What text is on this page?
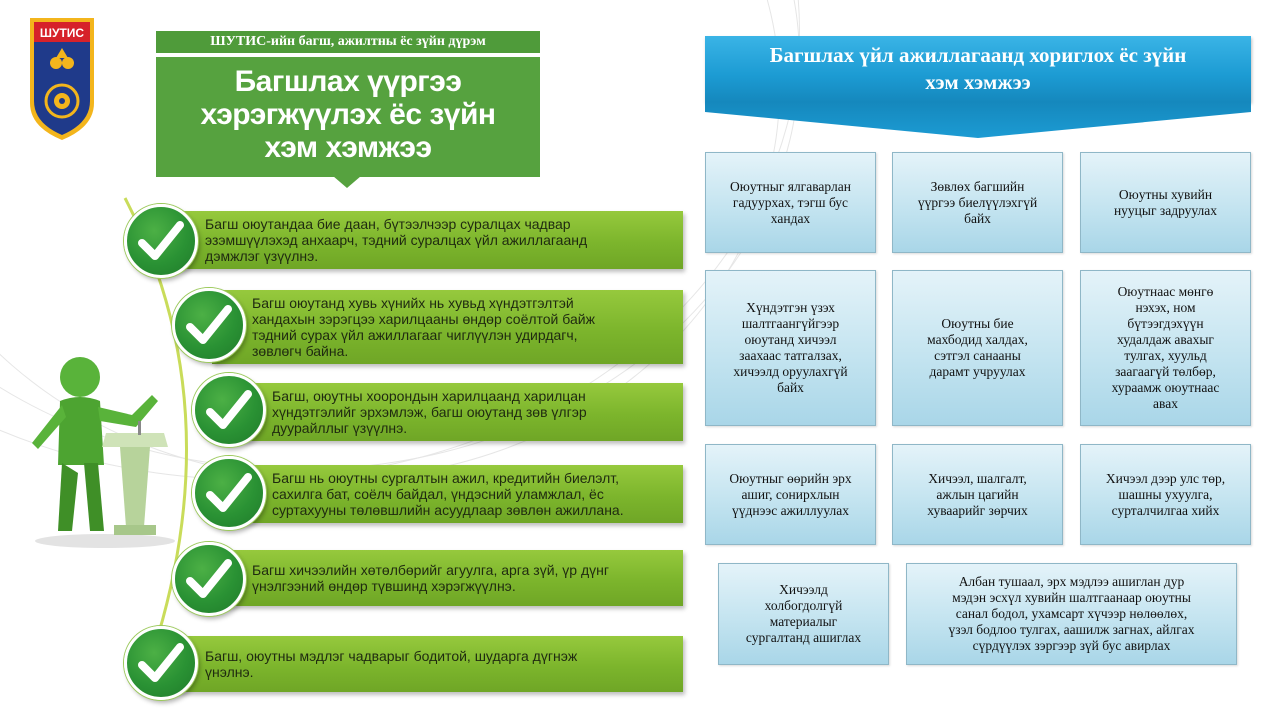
ШУТИС
ШУТИС-ийн багш, ажилтны ёс зүйн дүрэм
Багшлах үүргээ
хэрэгжүүлэх ёс зүйн
хэм хэмжээ
Багш оюутандаа бие даан, бүтээлчээр суралцах чадвар
эзэмшүүлэхэд анхаарч, тэдний суралцах үйл ажиллагаанд
дэмжлэг үзүүлнэ.
Багш оюутанд хувь хүнийх нь хувьд хүндэтгэлтэй
хандахын зэрэгцээ харилцааны өндөр соёлтой байж
тэдний сурах үйл ажиллагааг чиглүүлэн удирдагч,
зөвлөгч байна.
Багш, оюутны хоорондын харилцаанд харилцан
хүндэтгэлийг эрхэмлэж, багш оюутанд зөв үлгэр
дуурайллыг үзүүлнэ.
Багш нь оюутны сургалтын ажил, кредитийн биелэлт,
сахилга бат, соёлч байдал, үндэсний уламжлал, ёс
суртахууны төлөвшлийн асуудлаар зөвлөн ажиллана.
Багш хичээлийн хөтөлбөрийг агуулга, арга зүй, үр дүнг
үнэлгээний өндөр түвшинд хэрэгжүүлнэ.
Багш, оюутны мэдлэг чадварыг бодитой, шударга дүгнэж
үнэлнэ.
Багшлах үйл ажиллагаанд хориглох ёс зүйн
хэм хэмжээ
Оюутныг ялгаварлан
гадуурхах, тэгш бус
хандах
Зөвлөх багшийн
үүргээ биелүүлэхгүй
байх
Оюутны хувийн
нууцыг задруулах
Хүндэтгэн үзэх
шалтгаангүйгээр
оюутанд хичээл
заахаас татгалзах,
хичээлд оруулахгүй
байх
Оюутны бие
махбодид халдах,
сэтгэл санааны
дарамт учруулах
Оюутнаас мөнгө
нэхэх, ном
бүтээгдэхүүн
худалдаж авахыг
тулгах, хуульд
заагаагүй төлбөр,
хураамж оюутнаас
авах
Оюутныг өөрийн эрх
ашиг, сонирхлын
үүднээс ажиллуулах
Хичээл, шалгалт,
ажлын цагийн
хуваарийг зөрчих
Хичээл дээр улс төр,
шашны ухуулга,
сурталчилгаа хийх
Хичээлд
холбогдолгүй
материалыг
сургалтанд ашиглах
Албан тушаал, эрх мэдлээ ашиглан дур
мэдэн эсхүл хувийн шалтгаанаар оюутны
санал бодол, ухамсарт хүчээр нөлөөлөх,
үзэл бодлоо тулгах, аашилж загнах, айлгах
сүрдүүлэх зэргээр зүй бус авирлах
